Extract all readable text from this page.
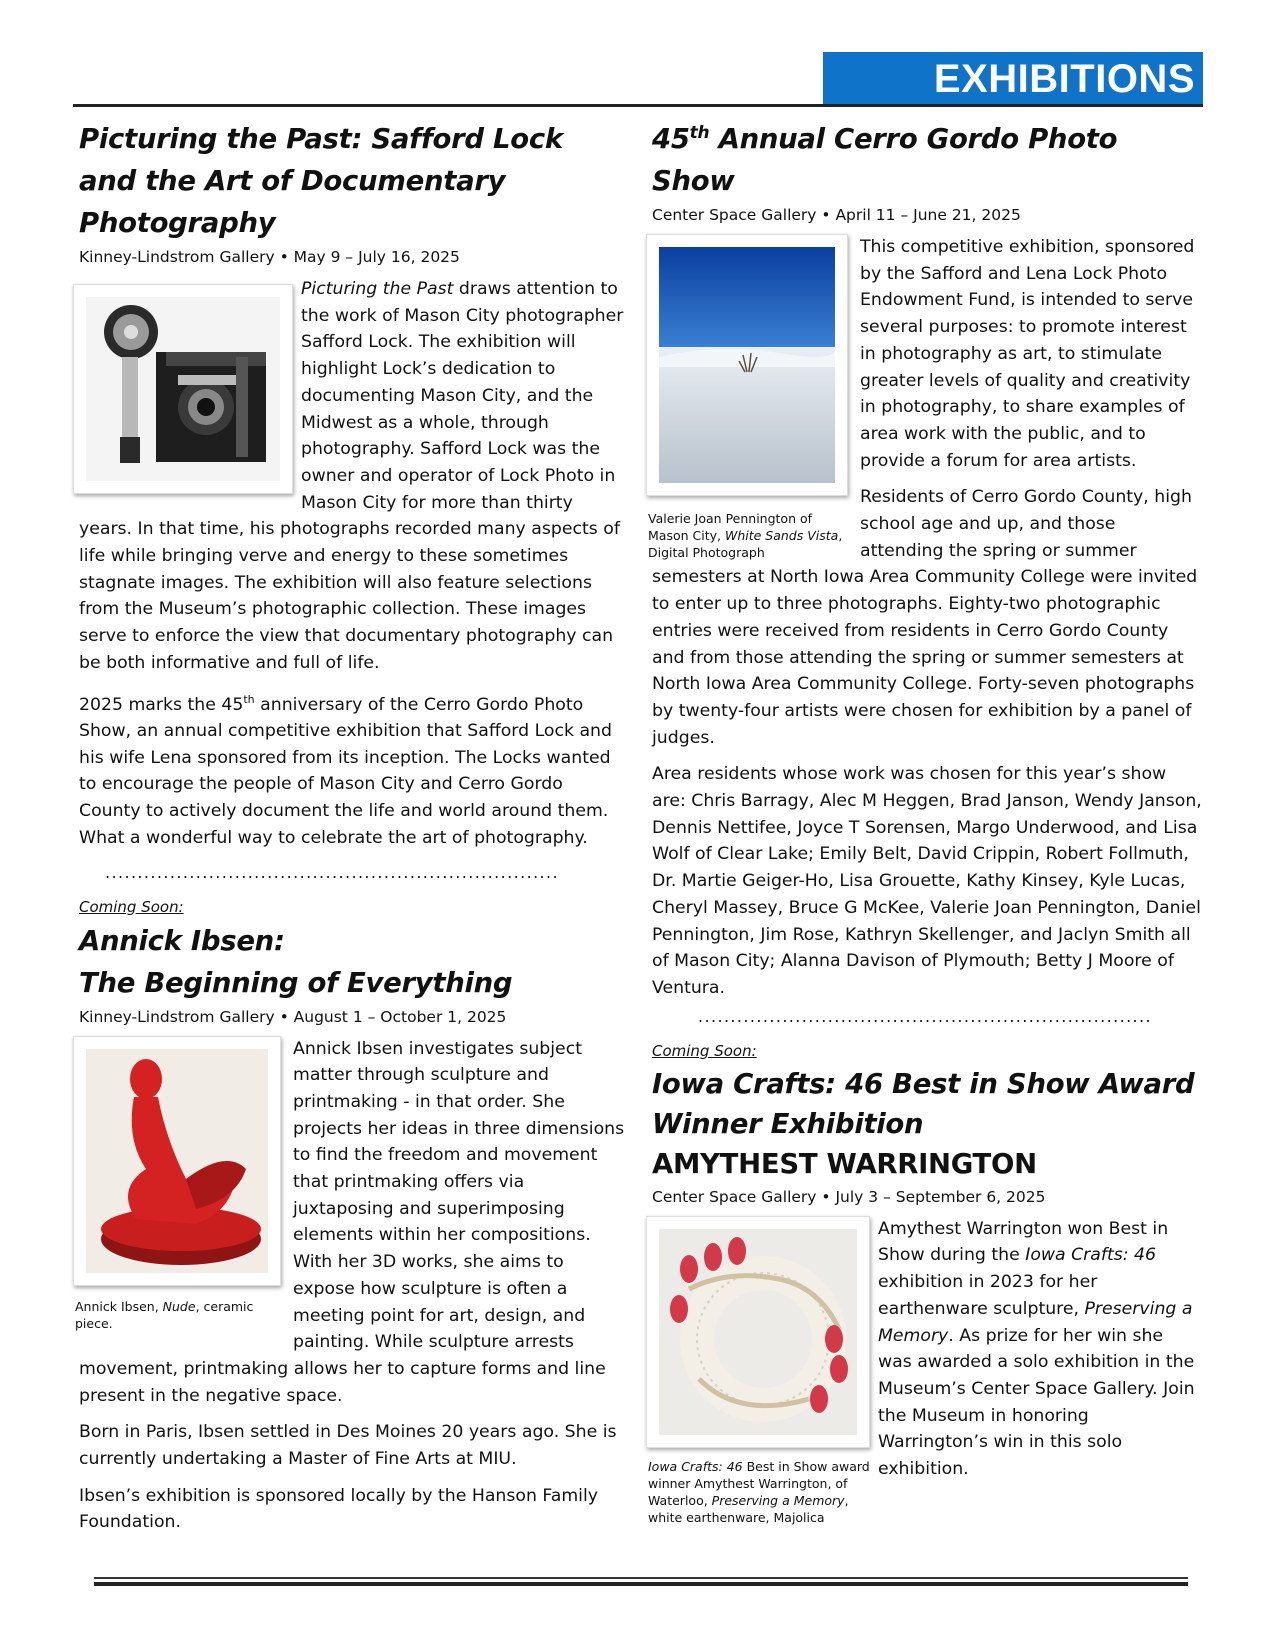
EXHIBITIONS
Picturing the Past: Safford Lock and the Art of Documentary Photography
Kinney-Lindstrom Gallery • May 9 – July 16, 2025

Picturing the Past draws attention to the work of Mason City photographer Safford Lock. The exhibition will highlight Lock’s dedication to documenting Mason City, and the Midwest as a whole, through photography. Safford Lock was the owner and operator of Lock Photo in Mason City for more than thirty years. In that time, his photographs recorded many aspects of life while bringing verve and energy to these sometimes stagnate images. The exhibition will also feature selections from the Museum’s photographic collection. These images serve to enforce the view that documentary photography can be both informative and full of life.

2025 marks the 45th anniversary of the Cerro Gordo Photo Show, an annual competitive exhibition that Safford Lock and his wife Lena sponsored from its inception. The Locks wanted to encourage the people of Mason City and Cerro Gordo County to actively document the life and world around them. What a wonderful way to celebrate the art of photography.

......................................................................
Coming Soon:
Annick Ibsen:
The Beginning of Everything
Kinney-Lindstrom Gallery • August 1 – October 1, 2025
Annick Ibsen, Nude, ceramic piece.

Annick Ibsen investigates subject matter through sculpture and printmaking - in that order. She projects her ideas in three dimensions to find the freedom and movement that printmaking offers via juxtaposing and superimposing elements within her compositions. With her 3D works, she aims to expose how sculpture is often a meeting point for art, design, and painting. While sculpture arrests movement, printmaking allows her to capture forms and line present in the negative space.

Born in Paris, Ibsen settled in Des Moines 20 years ago. She is currently undertaking a Master of Fine Arts at MIU.

Ibsen’s exhibition is sponsored locally by the Hanson Family Foundation.

45th Annual Cerro Gordo Photo Show
Center Space Gallery • April 11 – June 21, 2025
Valerie Joan Pennington of Mason City, White Sands Vista, Digital Photograph

This competitive exhibition, sponsored by the Safford and Lena Lock Photo Endowment Fund, is intended to serve several purposes: to promote interest in photography as art, to stimulate greater levels of quality and creativity in photography, to share examples of area work with the public, and to provide a forum for area artists.

Residents of Cerro Gordo County, high school age and up, and those attending the spring or summer semesters at North Iowa Area Community College were invited to enter up to three photographs. Eighty-two photographic entries were received from residents in Cerro Gordo County and from those attending the spring or summer semesters at North Iowa Area Community College. Forty-seven photographs by twenty-four artists were chosen for exhibition by a panel of judges.

Area residents whose work was chosen for this year’s show are: Chris Barragy, Alec M Heggen, Brad Janson, Wendy Janson, Dennis Nettifee, Joyce T Sorensen, Margo Underwood, and Lisa Wolf of Clear Lake; Emily Belt, David Crippin, Robert Follmuth, Dr. Martie Geiger-Ho, Lisa Grouette, Kathy Kinsey, Kyle Lucas, Cheryl Massey, Bruce G McKee, Valerie Joan Pennington, Daniel Pennington, Jim Rose, Kathryn Skellenger, and Jaclyn Smith all of Mason City; Alanna Davison of Plymouth; Betty J Moore of Ventura.

......................................................................
Coming Soon:
Iowa Crafts: 46 Best in Show Award Winner Exhibition
AMYTHEST WARRINGTON
Center Space Gallery • July 3 – September 6, 2025
Iowa Crafts: 46 Best in Show award winner Amythest Warrington, of Waterloo, Preserving a Memory, white earthenware, Majolica

Amythest Warrington won Best in Show during the Iowa Crafts: 46 exhibition in 2023 for her earthenware sculpture, Preserving a Memory. As prize for her win she was awarded a solo exhibition in the Museum’s Center Space Gallery. Join the Museum in honoring Warrington’s win in this solo exhibition.
